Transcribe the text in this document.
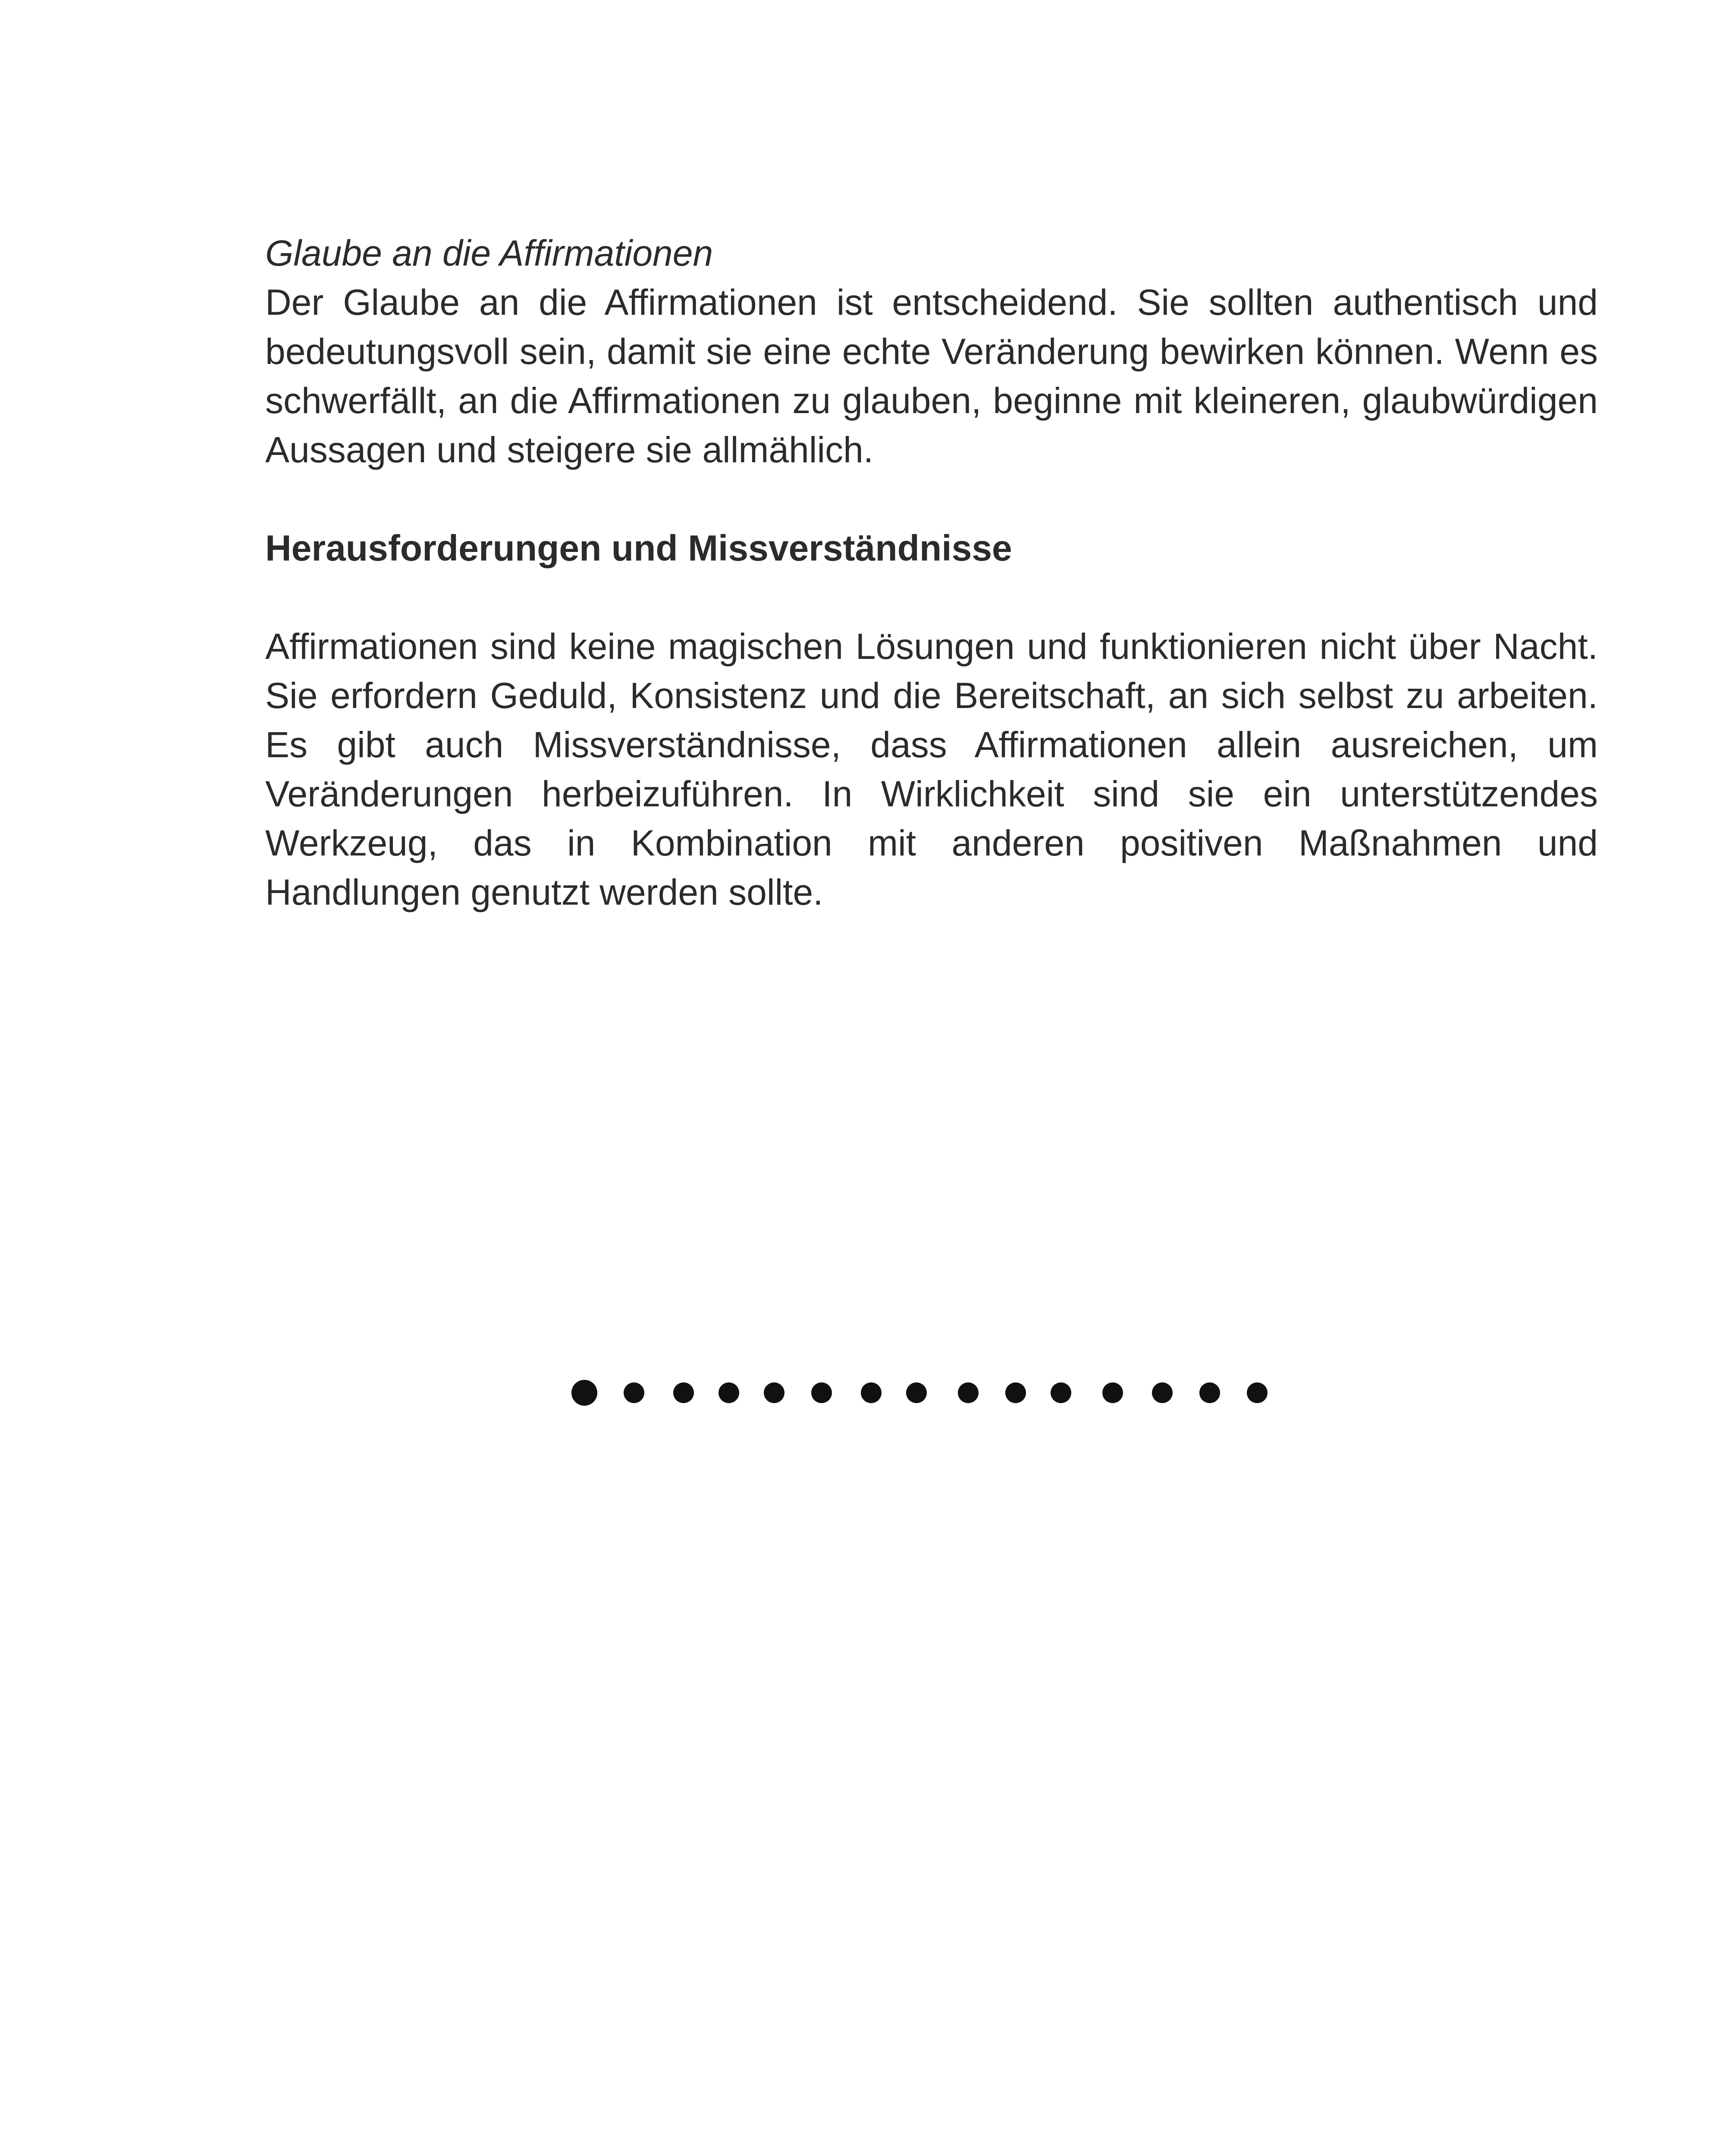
Glaube an die Affirmationen

Der Glaube an die Affirmationen ist entscheidend. Sie sollten authentisch und bedeutungsvoll sein, damit sie eine echte Veränderung bewirken können. Wenn es schwerfällt, an die Affirmationen zu glauben, beginne mit kleineren, glaubwürdigen Aussagen und steigere sie allmählich.

Herausforderungen und Missverständnisse

Affirmationen sind keine magischen Lösungen und funktionieren nicht über Nacht. Sie erfordern Geduld, Konsistenz und die Bereitschaft, an sich selbst zu arbeiten. Es gibt auch Missverständnisse, dass Affirmationen allein ausreichen, um Veränderungen herbeizuführen. In Wirklichkeit sind sie ein unterstützendes Werkzeug, das in Kombination mit anderen positiven Maßnahmen und Handlungen genutzt werden sollte.
